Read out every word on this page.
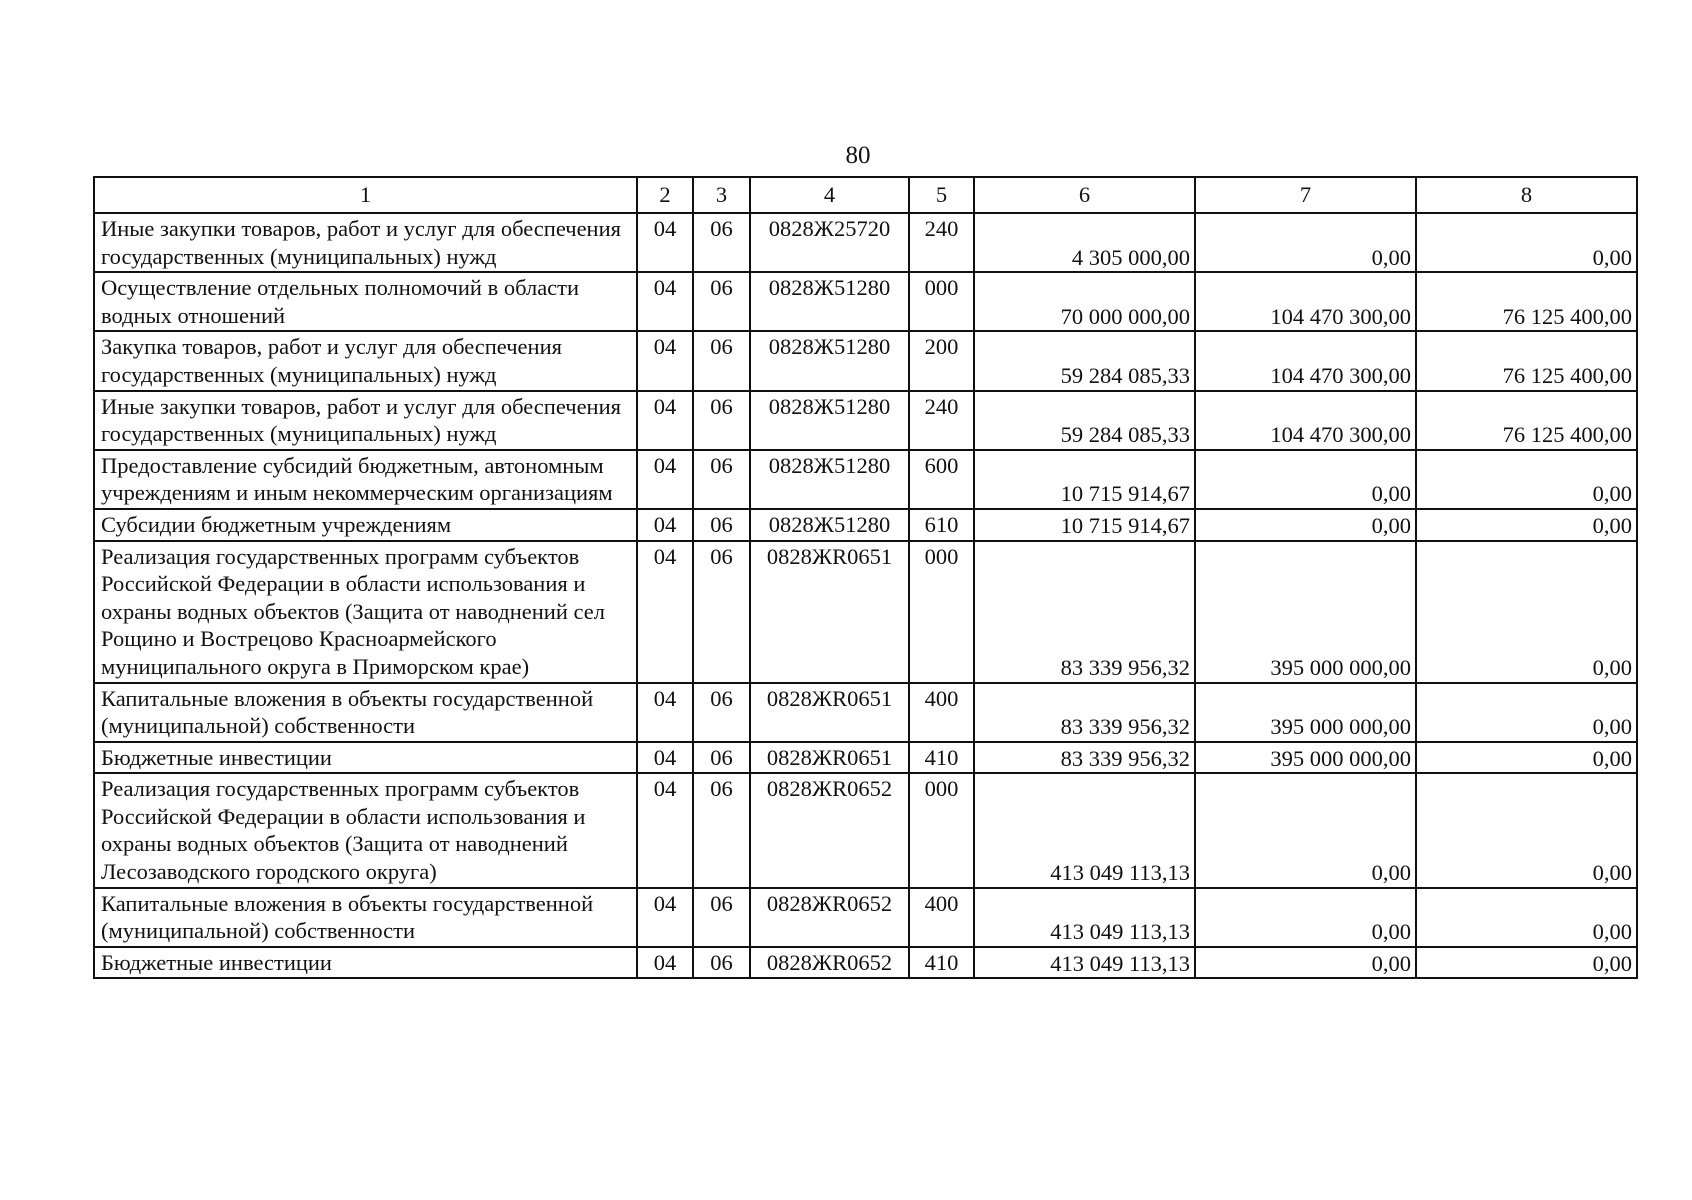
80
1	2	3	4	5	6	7	8
Иные закупки товаров, работ и услуг для обеспечения государственных (муниципальных) нужд	04	06	0828Ж25720	240	4 305 000,00	0,00	0,00
Осуществление отдельных полномочий в области водных отношений	04	06	0828Ж51280	000	70 000 000,00	104 470 300,00	76 125 400,00
Закупка товаров, работ и услуг для обеспечения государственных (муниципальных) нужд	04	06	0828Ж51280	200	59 284 085,33	104 470 300,00	76 125 400,00
Иные закупки товаров, работ и услуг для обеспечения государственных (муниципальных) нужд	04	06	0828Ж51280	240	59 284 085,33	104 470 300,00	76 125 400,00
Предоставление субсидий бюджетным, автономным учреждениям и иным некоммерческим организациям	04	06	0828Ж51280	600	10 715 914,67	0,00	0,00
Субсидии бюджетным учреждениям	04	06	0828Ж51280	610	10 715 914,67	0,00	0,00
Реализация государственных программ субъектов Российской Федерации в области использования и охраны водных объектов (Защита от наводнений сел Рощино и Вострецово Красноармейского муниципального округа в Приморском крае)	04	06	0828ЖR0651	000	83 339 956,32	395 000 000,00	0,00
Капитальные вложения в объекты государственной (муниципальной) собственности	04	06	0828ЖR0651	400	83 339 956,32	395 000 000,00	0,00
Бюджетные инвестиции	04	06	0828ЖR0651	410	83 339 956,32	395 000 000,00	0,00
Реализация государственных программ субъектов Российской Федерации в области использования и охраны водных объектов (Защита от наводнений Лесозаводского городского округа)	04	06	0828ЖR0652	000	413 049 113,13	0,00	0,00
Капитальные вложения в объекты государственной (муниципальной) собственности	04	06	0828ЖR0652	400	413 049 113,13	0,00	0,00
Бюджетные инвестиции	04	06	0828ЖR0652	410	413 049 113,13	0,00	0,00
